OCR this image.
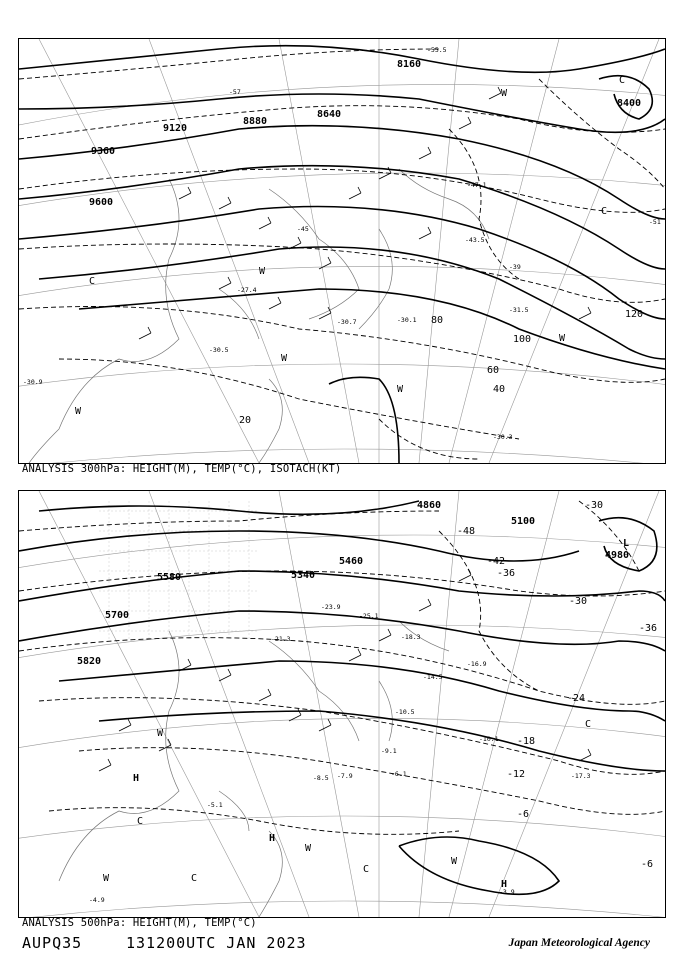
8160
8400
8640
8880
9120
9360
9600
20
40
60
80
100
120
-45
-51
-39
-55.5
-57
-30.7	-30.1
-30.5
-31.5
-30.9
-30.3
-27.4
-47.1
-43.5
C
W
C
W
W
W
W
W
C
ANALYSIS 300hPa: HEIGHT(M), TEMP(°C), ISOTACH(KT)
4860
4980
5100
5340
5580
5700
5820
5460
-48
-42
-36
-30
-24
-18
-12
-6
-30
-36
-6
-23.9
-21.3	-18.3
-16.9
-14.5
-10.5
-10.1
-9.1
-7.9	-6.1
-5.1
-3.9
-4.9
-8.5
-25.1
-17.3
L
H
H
H
W
W
W
C
C
C
C
W
ANALYSIS 500hPa: HEIGHT(M), TEMP(°C)
AUPQ35	131200UTC JAN 2023	Japan Meteorological Agency
